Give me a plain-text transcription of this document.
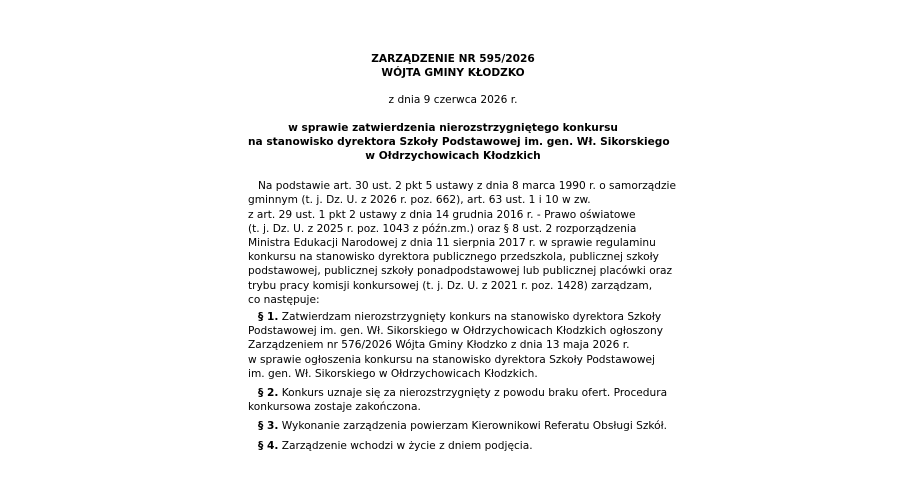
ZARZĄDZENIE NR 595/2026
WÓJTA GMINY KŁODZKO
z dnia 9 czerwca 2026 r.
w sprawie zatwierdzenia nierozstrzygniętego konkursu
na stanowisko dyrektora Szkoły Podstawowej im. gen. Wł. Sikorskiego
w Ołdrzychowicach Kłodzkich
Na podstawie art. 30 ust. 2 pkt 5 ustawy z dnia 8 marca 1990 r. o samorządzie
gminnym (t. j. Dz. U. z 2026 r. poz. 662), art. 63 ust. 1 i 10 w zw.
z art. 29 ust. 1 pkt 2 ustawy z dnia 14 grudnia 2016 r. - Prawo oświatowe
(t. j. Dz. U. z 2025 r. poz. 1043 z późn.zm.) oraz § 8 ust. 2 rozporządzenia
Ministra Edukacji Narodowej z dnia 11 sierpnia 2017 r. w sprawie regulaminu
konkursu na stanowisko dyrektora publicznego przedszkola, publicznej szkoły
podstawowej, publicznej szkoły ponadpodstawowej lub publicznej placówki oraz
trybu pracy komisji konkursowej (t. j. Dz. U. z 2021 r. poz. 1428) zarządzam,
co następuje:
§ 1. Zatwierdzam nierozstrzygnięty konkurs na stanowisko dyrektora Szkoły
Podstawowej im. gen. Wł. Sikorskiego w Ołdrzychowicach Kłodzkich ogłoszony
Zarządzeniem nr 576/2026 Wójta Gminy Kłodzko z dnia 13 maja 2026 r.
w sprawie ogłoszenia konkursu na stanowisko dyrektora Szkoły Podstawowej
im. gen. Wł. Sikorskiego w Ołdrzychowicach Kłodzkich.
§ 2. Konkurs uznaje się za nierozstrzygnięty z powodu braku ofert. Procedura
konkursowa zostaje zakończona.
§ 3. Wykonanie zarządzenia powierzam Kierownikowi Referatu Obsługi Szkół.
§ 4. Zarządzenie wchodzi w życie z dniem podjęcia.
